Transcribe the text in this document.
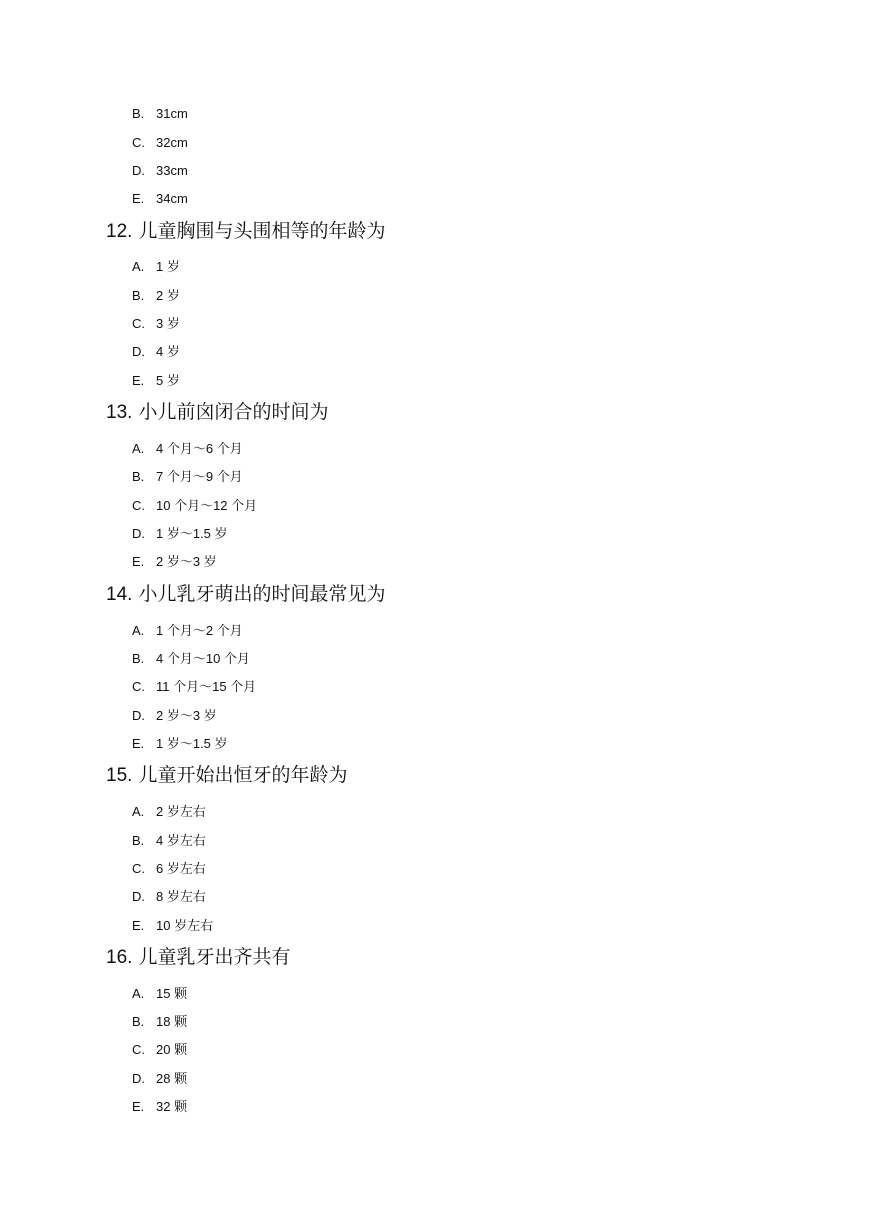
B. 31cm
C. 32cm
D. 33cm
E. 34cm
12. 儿童胸围与头围相等的年龄为
A. 1 岁
B. 2 岁
C. 3 岁
D. 4 岁
E. 5 岁
13. 小儿前囟闭合的时间为
A. 4 个月～6 个月
B. 7 个月～9 个月
C. 10 个月～12 个月
D. 1 岁～1.5 岁
E. 2 岁～3 岁
14. 小儿乳牙萌出的时间最常见为
A. 1 个月～2 个月
B. 4 个月～10 个月
C. 11 个月～15 个月
D. 2 岁～3 岁
E. 1 岁～1.5 岁
15. 儿童开始出恒牙的年龄为
A. 2 岁左右
B. 4 岁左右
C. 6 岁左右
D. 8 岁左右
E. 10 岁左右
16. 儿童乳牙出齐共有
A. 15 颗
B. 18 颗
C. 20 颗
D. 28 颗
E. 32 颗
